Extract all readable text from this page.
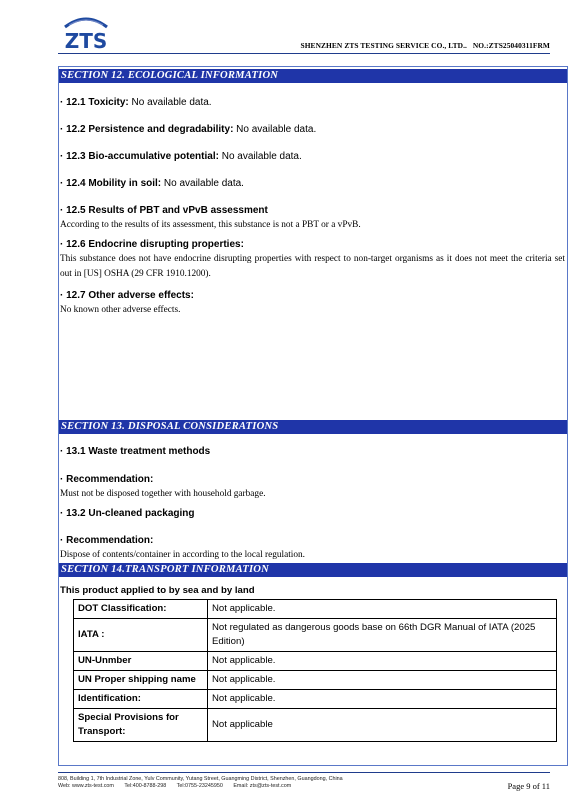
ZTS	SHENZHEN ZTS TESTING SERVICE CO., LTD.. NO.:ZTS25040311FRM
SECTION 12. ECOLOGICAL INFORMATION
· 12.1 Toxicity: No available data.
· 12.2 Persistence and degradability: No available data.
· 12.3 Bio-accumulative potential: No available data.
· 12.4 Mobility in soil: No available data.
· 12.5 Results of PBT and vPvB assessment
According to the results of its assessment, this substance is not a PBT or a vPvB.
· 12.6 Endocrine disrupting properties:
This substance does not have endocrine disrupting properties with respect to non-target organisms as it does not meet the criteria set out in [US] OSHA (29 CFR 1910.1200).
· 12.7 Other adverse effects:
No known other adverse effects.
SECTION 13. DISPOSAL CONSIDERATIONS
· 13.1 Waste treatment methods
· Recommendation:
Must not be disposed together with household garbage.
· 13.2 Un-cleaned packaging
· Recommendation:
Dispose of contents/container in according to the local regulation.
SECTION 14.TRANSPORT INFORMATION
This product applied to by sea and by land
DOT Classification:	Not applicable.
IATA :	Not regulated as dangerous goods base on 66th DGR Manual of IATA (2025 Edition)
UN-Unmber	Not applicable.
UN Proper shipping name	Not applicable.
Identification:	Not applicable.
Special Provisions for Transport:	Not applicable
808, Building 1, 7th Industrial Zone, Yulv Community, Yutang Street, Guangming District, Shenzhen, Guangdong, China
Web: www.zts-test.com Tel:400-8788-298 Tel:0755-23245950 Email: zts@zts-test.com	Page 9 of 11
